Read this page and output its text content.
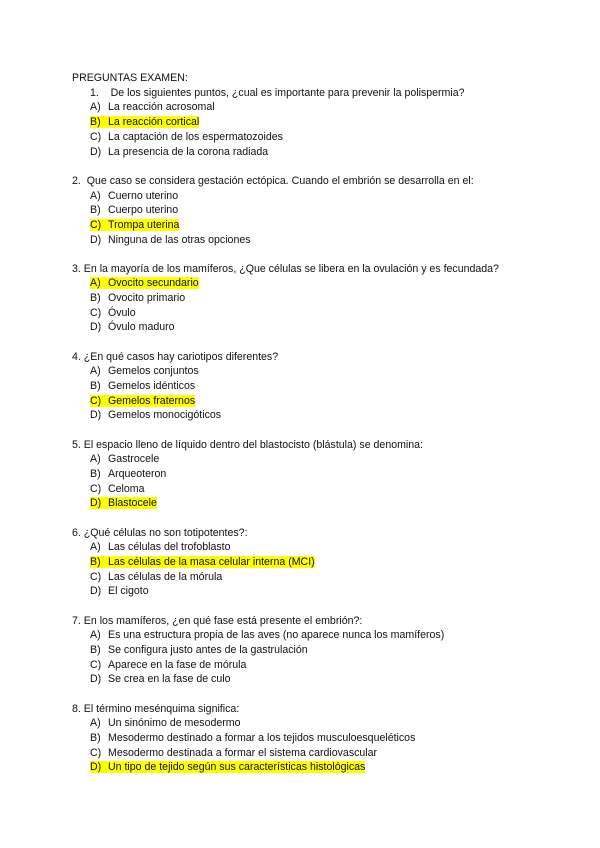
PREGUNTAS EXAMEN:
1. De los siguientes puntos, ¿cual es importante para prevenir la polispermia?
A) La reacción acrosomal
B) La reacción cortical
C) La captación de los espermatozoides
D) La presencia de la corona radiada
2. Que caso se considera gestación ectópica. Cuando el embrión se desarrolla en el:
A) Cuerno uterino
B) Cuerpo uterino
C) Trompa uterina
D) Ninguna de las otras opciones
3. En la mayoría de los mamíferos, ¿Que células se libera en la ovulación y es fecundada?
A) Ovocito secundario
B) Ovocito primario
C) Óvulo
D) Óvulo maduro
4. ¿En qué casos hay cariotipos diferentes?
A) Gemelos conjuntos
B) Gemelos idénticos
C) Gemelos fraternos
D) Gemelos monocigóticos
5. El espacio lleno de líquido dentro del blastocisto (blástula) se denomina:
A) Gastrocele
B) Arqueoteron
C) Celoma
D) Blastocele
6. ¿Qué células no son totipotentes?:
A) Las células del trofoblasto
B) Las células de la masa celular interna (MCI)
C) Las células de la mórula
D) El cigoto
7. En los mamíferos, ¿en qué fase está presente el embrión?:
A) Es una estructura propia de las aves (no aparece nunca los mamíferos)
B) Se configura justo antes de la gastrulación
C) Aparece en la fase de mórula
D) Se crea en la fase de culo
8. El término mesénquima significa:
A) Un sinónimo de mesodermo
B) Mesodermo destinado a formar a los tejidos musculoesqueléticos
C) Mesodermo destinada a formar el sistema cardiovascular
D) Un tipo de tejido según sus características histológicas
